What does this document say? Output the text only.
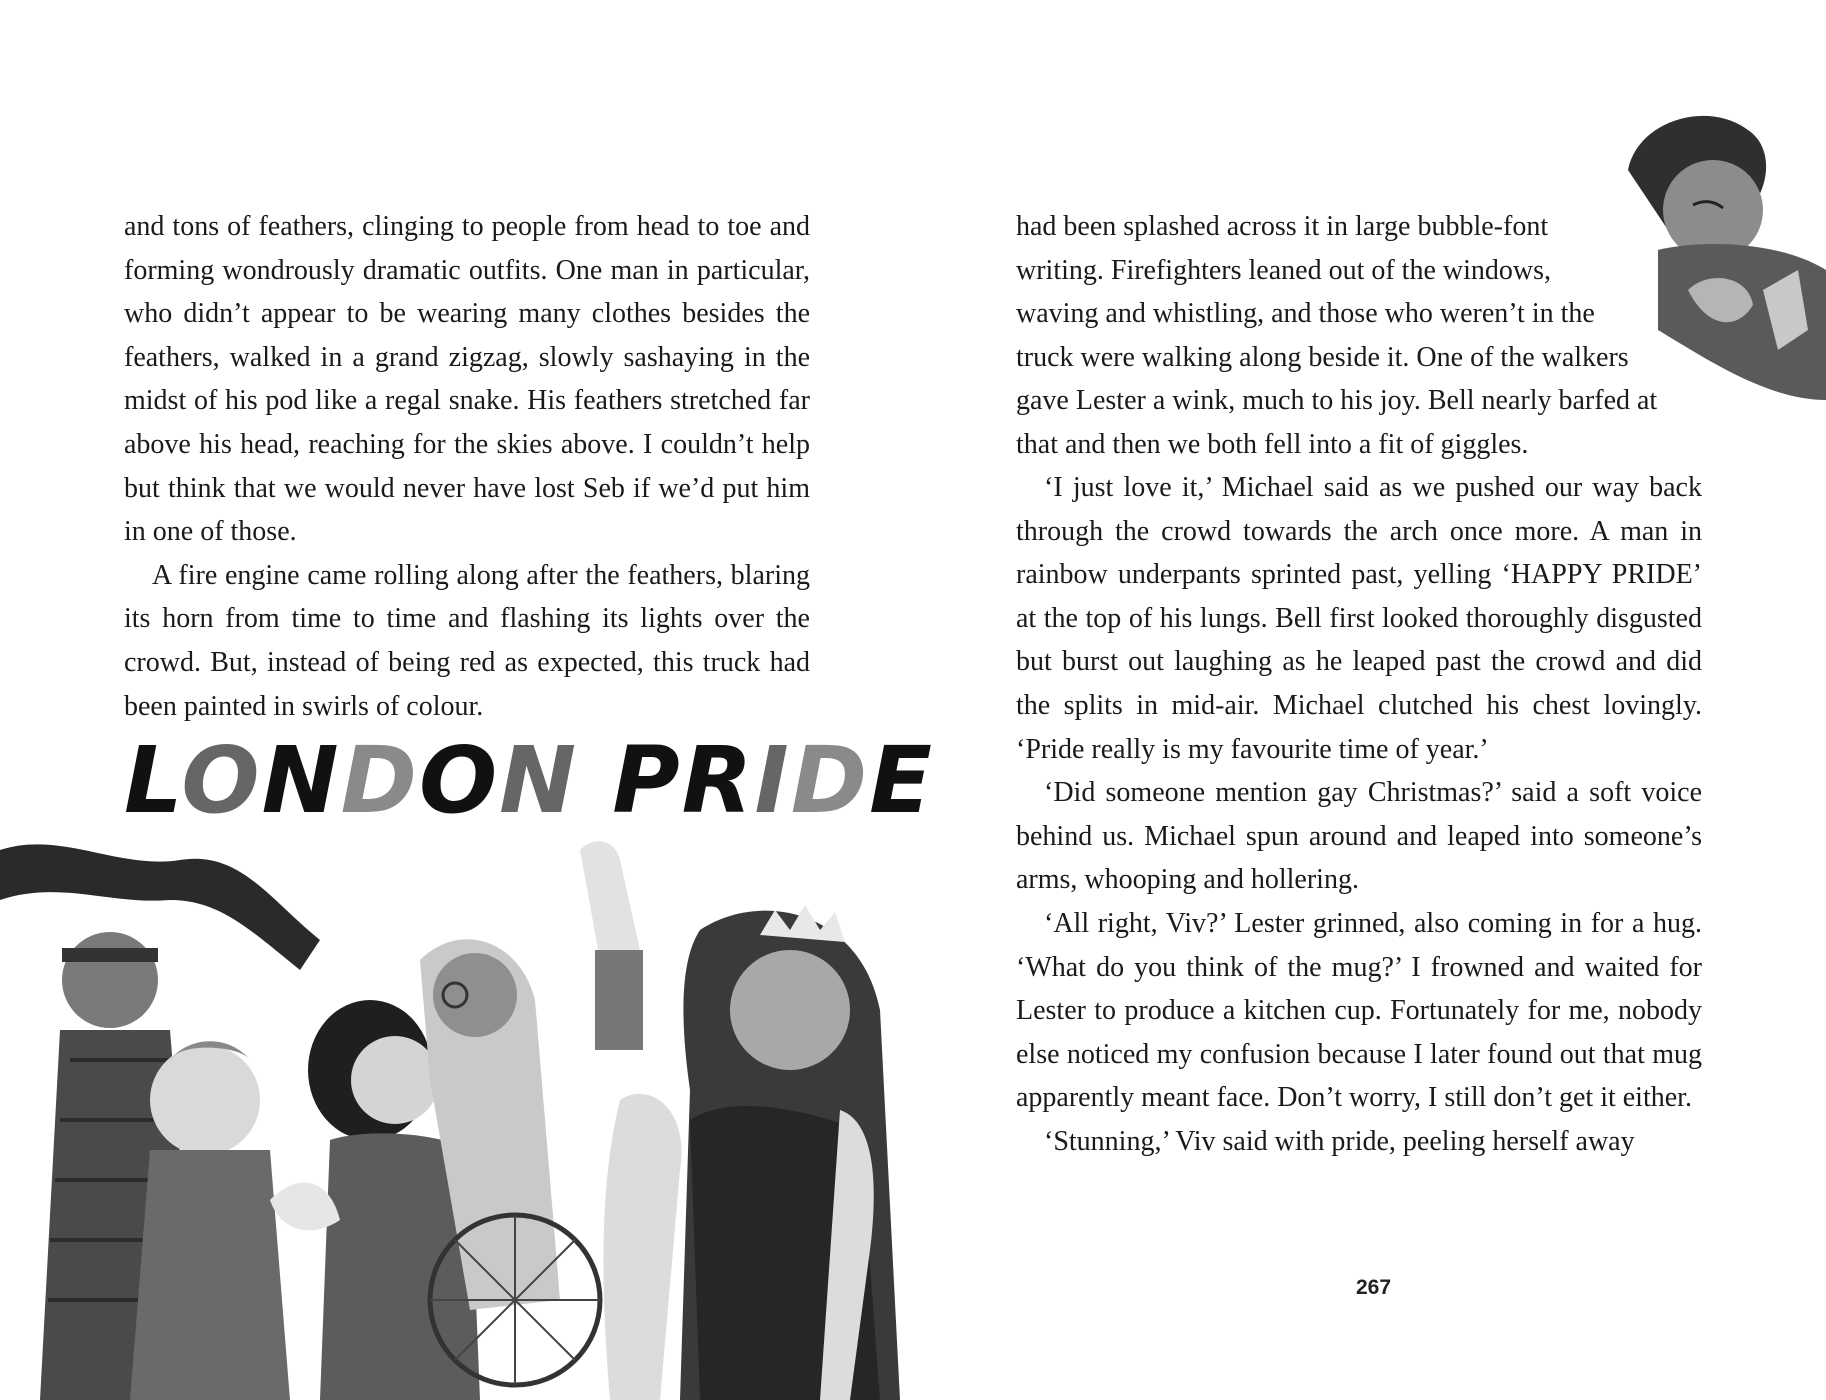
and tons of feathers, clinging to people from head to toe and forming wondrously dramatic outfits. One man in particular, who didn’t appear to be wearing many clothes besides the feathers, walked in a grand zigzag, slowly sashaying in the midst of his pod like a regal snake. His feathers stretched far above his head, reaching for the skies above. I couldn’t help but think that we would never have lost Seb if we’d put him in one of those.

A fire engine came rolling along after the feathers, blaring its horn from time to time and flashing its lights over the crowd. But, instead of being red as expected, this truck had been painted in swirls of colour.

LONDON PRIDE
had been splashed across it in large bubble-font
writing. Firefighters leaned out of the windows,
waving and whistling, and those who weren’t in the
truck were walking along beside it. One of the walkers
gave Lester a wink, much to his joy. Bell nearly barfed at
that and then we both fell into a fit of giggles.

‘I just love it,’ Michael said as we pushed our way back through the crowd towards the arch once more. A man in rainbow underpants sprinted past, yelling ‘HAPPY PRIDE’ at the top of his lungs. Bell first looked thoroughly disgusted but burst out laughing as he leaped past the crowd and did the splits in mid-air. Michael clutched his chest lovingly. ‘Pride really is my favourite time of year.’

‘Did someone mention gay Christmas?’ said a soft voice behind us. Michael spun around and leaped into someone’s arms, whooping and hollering.

‘All right, Viv?’ Lester grinned, also coming in for a hug. ‘What do you think of the mug?’ I frowned and waited for Lester to produce a kitchen cup. Fortunately for me, nobody else noticed my confusion because I later found out that mug apparently meant face. Don’t worry, I still don’t get it either.

‘Stunning,’ Viv said with pride, peeling herself away

267
